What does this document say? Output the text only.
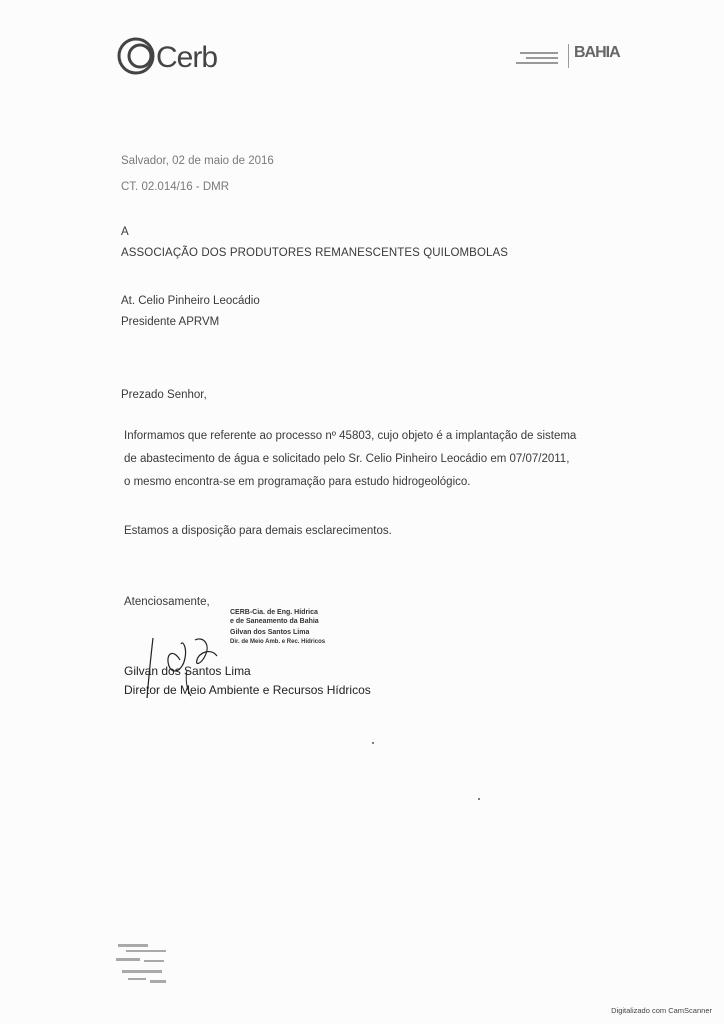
Cerb	BAHIA
Salvador, 02 de maio de 2016
CT. 02.014/16 - DMR
A
ASSOCIAÇÃO DOS PRODUTORES REMANESCENTES QUILOMBOLAS
At. Celio Pinheiro Leocádio
Presidente APRVM
Prezado Senhor,
Informamos que referente ao processo nº 45803, cujo objeto é a implantação de sistema
de abastecimento de água e solicitado pelo Sr. Celio Pinheiro Leocádio em 07/07/2011,
o mesmo encontra-se em programação para estudo hidrogeológico.
Estamos a disposição para demais esclarecimentos.
Atenciosamente,
CERB-Cia. de Eng. Hídrica
e de Saneamento da Bahia
Gilvan dos Santos Lima
Dir. de Meio Amb. e Rec. Hídricos
Gilvan dos Santos Lima
Diretor de Meio Ambiente e Recursos Hídricos
Digitalizado com CamScanner
